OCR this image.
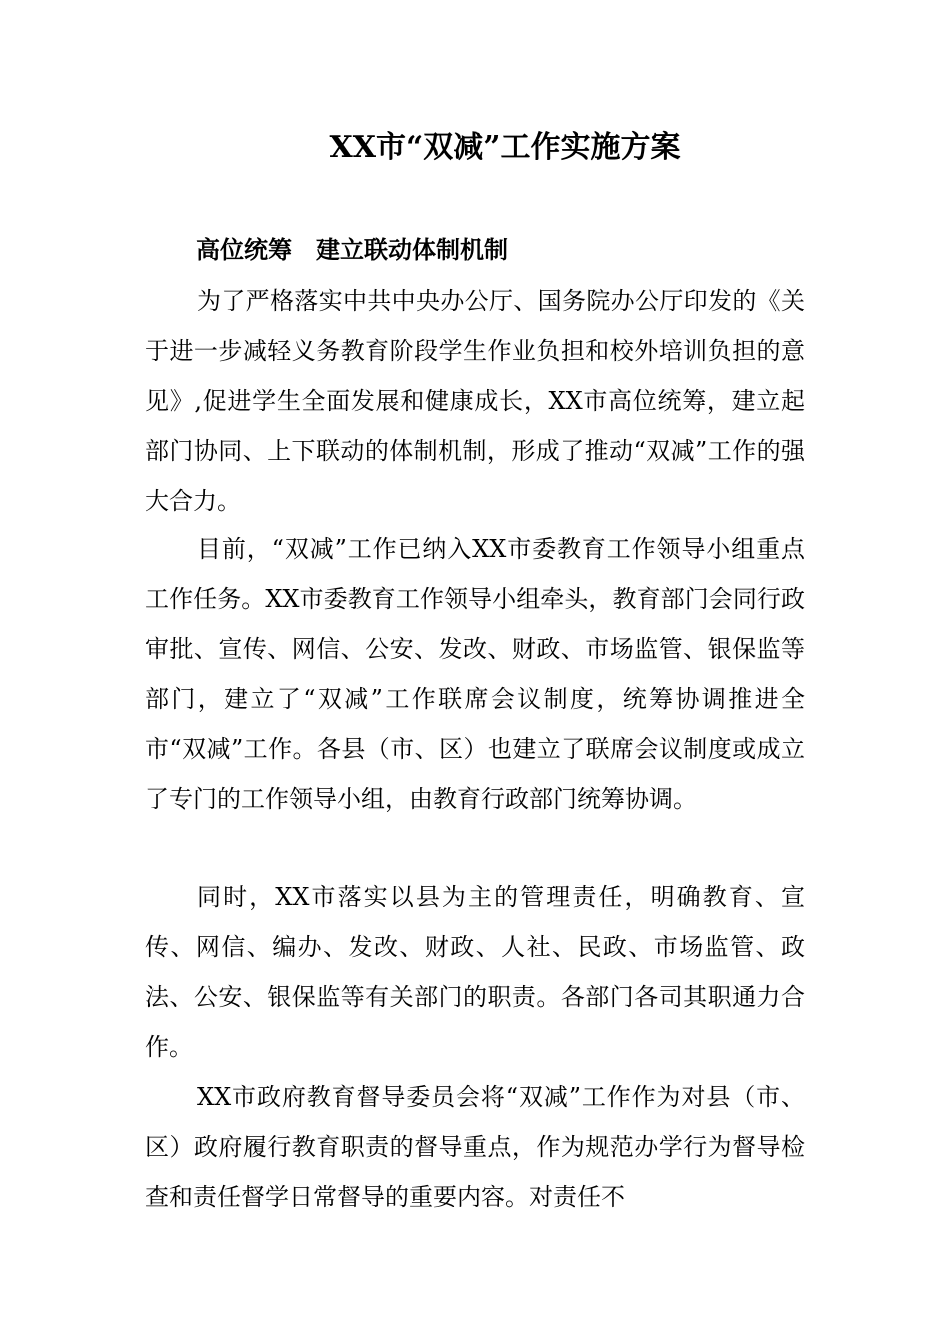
XX市“双减”工作实施方案
高位统筹　建立联动体制机制

为了严格落实中共中央办公厅、国务院办公厅印发的《关于进一步减轻义务教育阶段学生作业负担和校外培训负担的意见》,促进学生全面发展和健康成长，XX市高位统筹，建立起部门协同、上下联动的体制机制，形成了推动“双减”工作的强大合力。

目前，“双减”工作已纳入XX市委教育工作领导小组重点工作任务。XX市委教育工作领导小组牵头，教育部门会同行政审批、宣传、网信、公安、发改、财政、市场监管、银保监等部门，建立了“双减”工作联席会议制度，统筹协调推进全市“双减”工作。各县（市、区）也建立了联席会议制度或成立了专门的工作领导小组，由教育行政部门统筹协调。

同时，XX市落实以县为主的管理责任，明确教育、宣传、网信、编办、发改、财政、人社、民政、市场监管、政法、公安、银保监等有关部门的职责。各部门各司其职通力合作。

XX市政府教育督导委员会将“双减”工作作为对县（市、区）政府履行教育职责的督导重点，作为规范办学行为督导检查和责任督学日常督导的重要内容。对责任不
